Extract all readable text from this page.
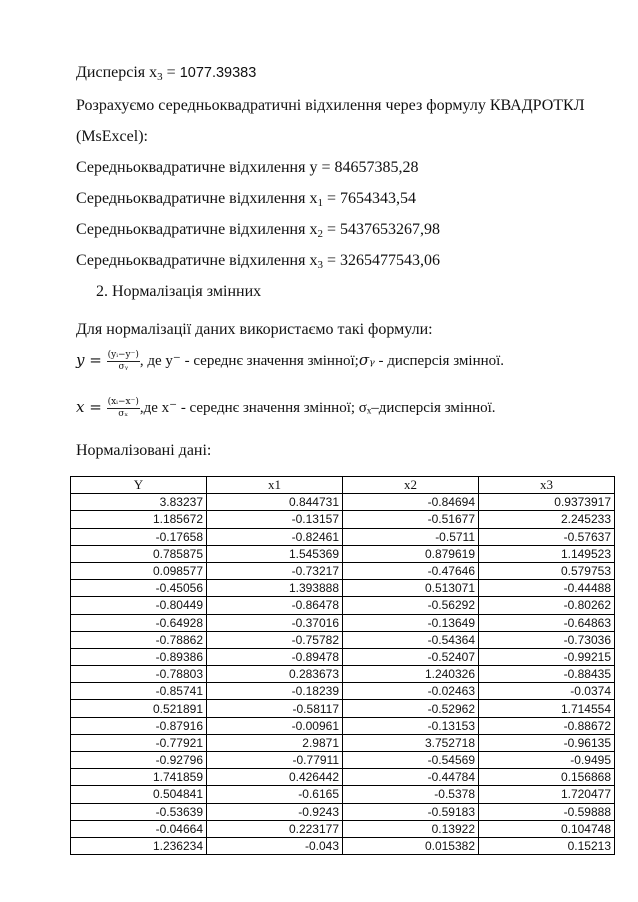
Дисперсія $x_3 = 1077.39383$
Розрахуємо середньоквадратичні відхилення через формулу КВАДРОТКЛ
(MsExcel):
Середньоквадратичне відхилення y = 84657385,28
Середньоквадратичне відхилення $x_1 = 7654343,54$
Середньоквадратичне відхилення $x_2 = 5437653267,98$
Середньоквадратичне відхилення $x_3 = 3265477543,06$
2. Нормалізація змінних
Для нормалізації даних використаємо такі формули:
$y = \frac{\text{(yᵢ−y⁻)}}{\text{σᵧ}}$ , де y⁻ - середнє значення змінної;σᵧ - дисперсія змінної.
$x = \frac{\text{(xᵢ−x⁻)}}{\text{σₓ}} ,де$ x⁻ - середнє значення змінної; σₓ–дисперсія змінної.
Нормалізовані дані:
Y	x1	x2	x3
3.83237	0.844731	-0.84694	0.9373917
1.185672	-0.13157	-0.51677	2.245233
-0.17658	-0.82461	-0.5711	-0.57637
0.785875	1.545369	0.879619	1.149523
0.098577	-0.73217	-0.47646	0.579753
-0.45056	1.393888	0.513071	-0.44488
-0.80449	-0.86478	-0.56292	-0.80262
-0.64928	-0.37016	-0.13649	-0.64863
-0.78862	-0.75782	-0.54364	-0.73036
-0.89386	-0.89478	-0.52407	-0.99215
-0.78803	0.283673	1.240326	-0.88435
-0.85741	-0.18239	-0.02463	-0.0374
0.521891	-0.58117	-0.52962	1.714554
-0.87916	-0.00961	-0.13153	-0.88672
-0.77921	2.9871	3.752718	-0.96135
-0.92796	-0.77911	-0.54569	-0.9495
1.741859	0.426442	-0.44784	0.156868
0.504841	-0.6165	-0.5378	1.720477
-0.53639	-0.9243	-0.59183	-0.59888
-0.04664	0.223177	0.13922	0.104748
1.236234	-0.043	0.015382	0.15213
